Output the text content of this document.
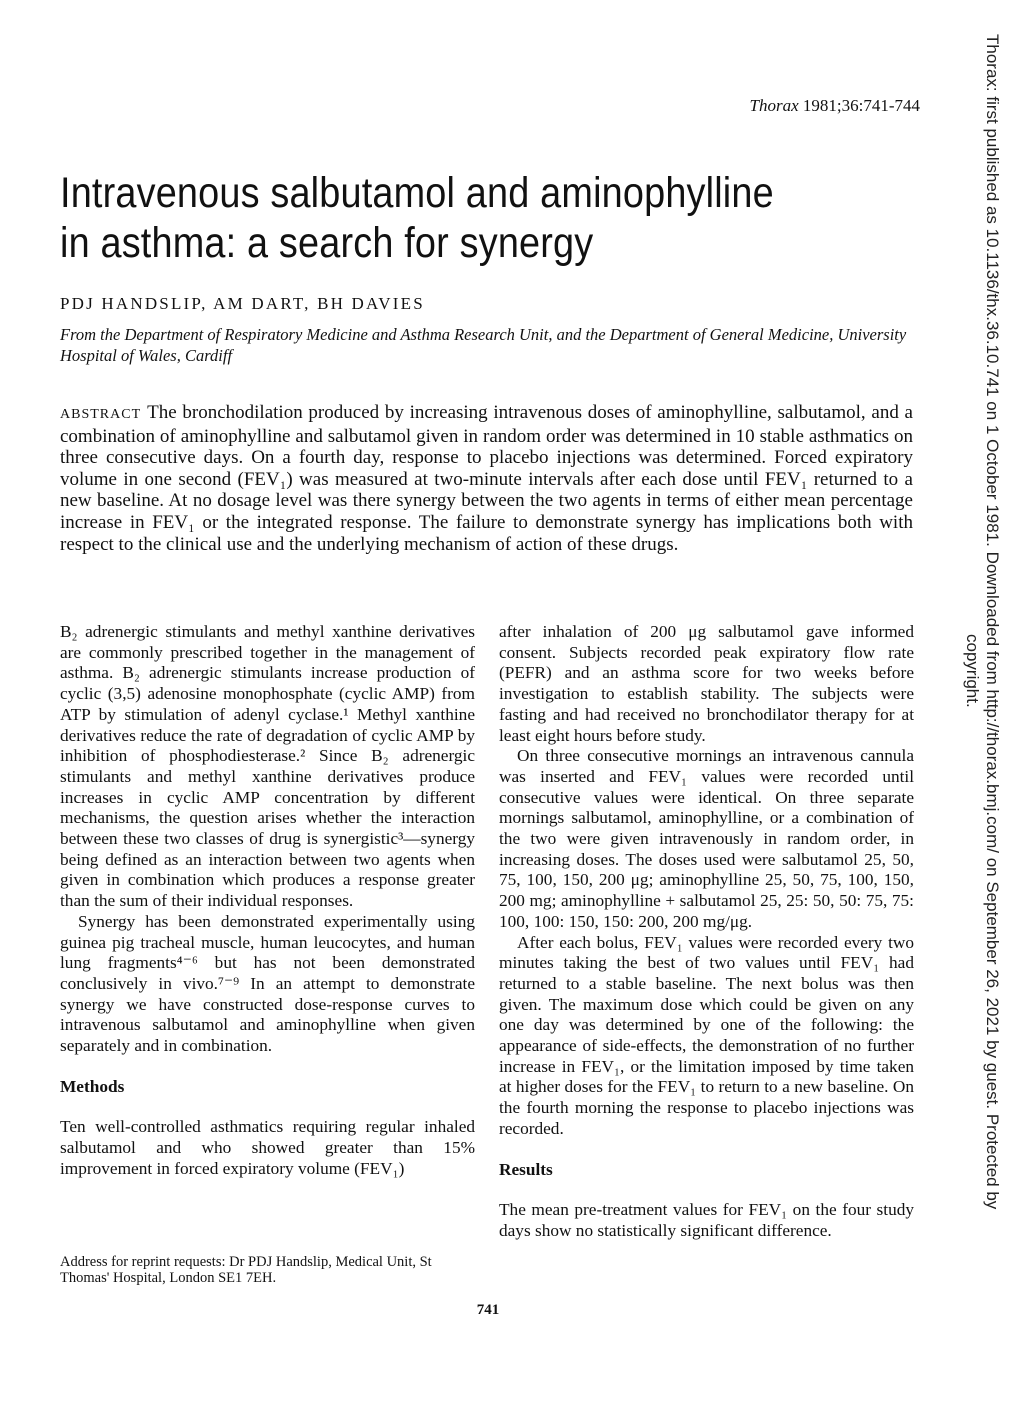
Thorax 1981;36:741-744

Intravenous salbutamol and aminophylline
in asthma: a search for synergy

PDJ HANDSLIP, AM DART, BH DAVIES

From the Department of Respiratory Medicine and Asthma Research Unit, and the Department of General Medicine, University Hospital of Wales, Cardiff

ABSTRACT The bronchodilation produced by increasing intravenous doses of aminophylline, salbutamol, and a combination of aminophylline and salbutamol given in random order was determined in 10 stable asthmatics on three consecutive days. On a fourth day, response to placebo injections was determined. Forced expiratory volume in one second (FEV₁) was measured at two-minute intervals after each dose until FEV₁ returned to a new baseline. At no dosage level was there synergy between the two agents in terms of either mean percentage increase in FEV₁ or the integrated response. The failure to demonstrate synergy has implications both with respect to the clinical use and the underlying mechanism of action of these drugs.

B₂ adrenergic stimulants and methyl xanthine derivatives are commonly prescribed together in the management of asthma. B₂ adrenergic stimulants increase production of cyclic (3,5) adenosine monophosphate (cyclic AMP) from ATP by stimulation of adenyl cyclase.¹ Methyl xanthine derivatives reduce the rate of degradation of cyclic AMP by inhibition of phosphodiesterase.² Since B₂ adrenergic stimulants and methyl xanthine derivatives produce increases in cyclic AMP concentration by different mechanisms, the question arises whether the interaction between these two classes of drug is synergistic³—synergy being defined as an interaction between two agents when given in combination which produces a response greater than the sum of their individual responses.

Synergy has been demonstrated experimentally using guinea pig tracheal muscle, human leucocytes, and human lung fragments⁴⁻⁶ but has not been demonstrated conclusively in vivo.⁷⁻⁹ In an attempt to demonstrate synergy we have constructed dose-response curves to intravenous salbutamol and aminophylline when given separately and in combination.

Methods

Ten well-controlled asthmatics requiring regular inhaled salbutamol and who showed greater than 15% improvement in forced expiratory volume (FEV₁)

Address for reprint requests: Dr PDJ Handslip, Medical Unit, St Thomas' Hospital, London SE1 7EH.

after inhalation of 200 μg salbutamol gave informed consent. Subjects recorded peak expiratory flow rate (PEFR) and an asthma score for two weeks before investigation to establish stability. The subjects were fasting and had received no bronchodilator therapy for at least eight hours before study.

On three consecutive mornings an intravenous cannula was inserted and FEV₁ values were recorded until consecutive values were identical. On three separate mornings salbutamol, aminophylline, or a combination of the two were given intravenously in random order, in increasing doses. The doses used were salbutamol 25, 50, 75, 100, 150, 200 μg; aminophylline 25, 50, 75, 100, 150, 200 mg; aminophylline + salbutamol 25, 25: 50, 50: 75, 75: 100, 100: 150, 150: 200, 200 mg/μg.

After each bolus, FEV₁ values were recorded every two minutes taking the best of two values until FEV₁ had returned to a stable baseline. The next bolus was then given. The maximum dose which could be given on any one day was determined by one of the following: the appearance of side-effects, the demonstration of no further increase in FEV₁, or the limitation imposed by time taken at higher doses for the FEV₁ to return to a new baseline. On the fourth morning the response to placebo injections was recorded.

Results

The mean pre-treatment values for FEV₁ on the four study days show no statistically significant difference.

741

Thorax: first published as 10.1136/thx.36.10.741 on 1 October 1981. Downloaded from http://thorax.bmj.com/ on September 26, 2021 by guest. Protected by
copyright.
